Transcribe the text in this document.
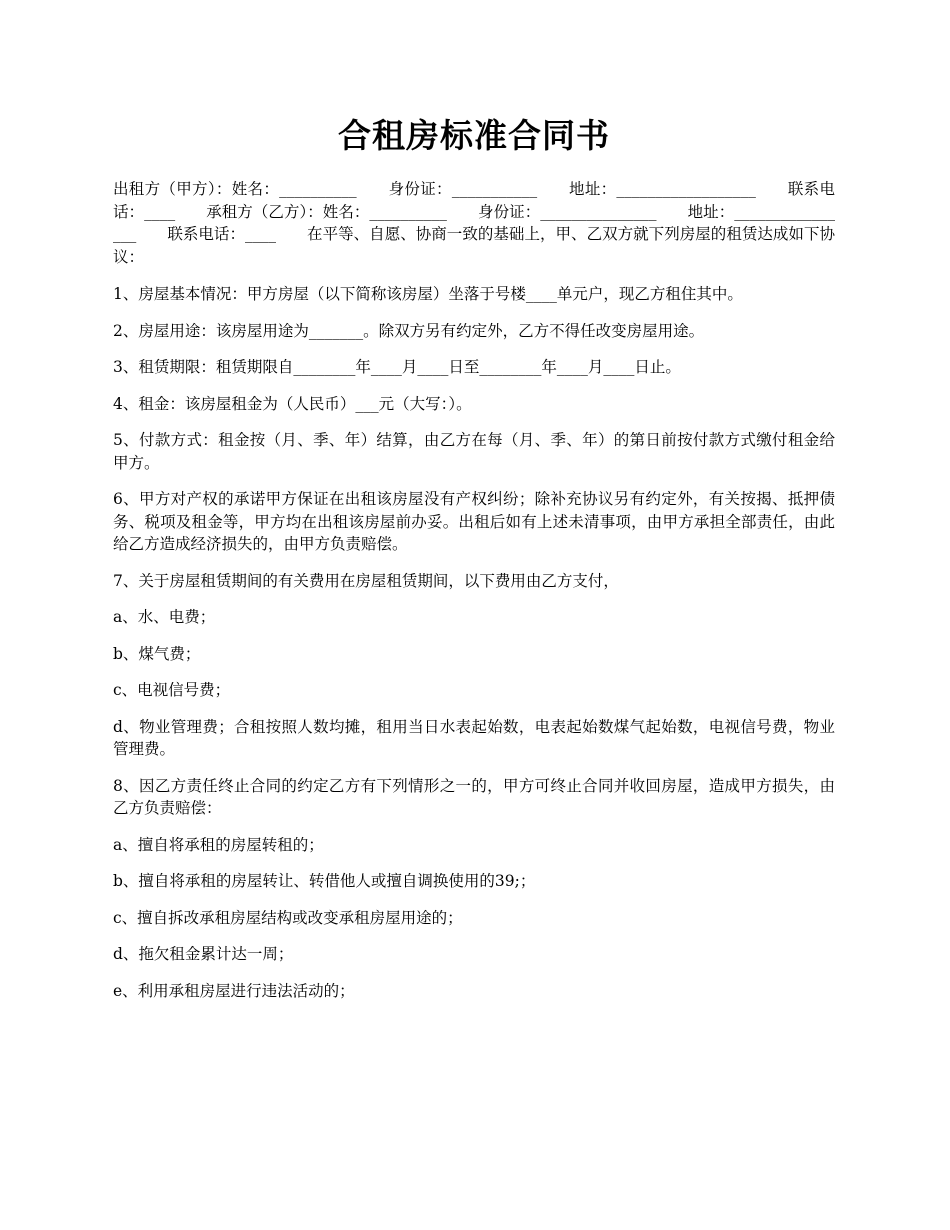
合租房标准合同书

出租方（甲方）：姓名：__________　　身份证：___________　　地址：__________________　　联系电话：____　　承租方（乙方）：姓名：__________　　身份证：_______________　　地址：________________　　联系电话：____　　在平等、自愿、协商一致的基础上，甲、乙双方就下列房屋的租赁达成如下协议：

1、房屋基本情况：甲方房屋（以下简称该房屋）坐落于号楼____单元户，现乙方租住其中。

2、房屋用途：该房屋用途为_______。除双方另有约定外，乙方不得任改变房屋用途。

3、租赁期限：租赁期限自________年____月____日至________年____月____日止。

4、租金：该房屋租金为（人民币）___元（大写：）。

5、付款方式：租金按（月、季、年）结算，由乙方在每（月、季、年）的第日前按付款方式缴付租金给甲方。

6、甲方对产权的承诺甲方保证在出租该房屋没有产权纠纷；除补充协议另有约定外，有关按揭、抵押债务、税项及租金等，甲方均在出租该房屋前办妥。出租后如有上述未清事项，由甲方承担全部责任，由此给乙方造成经济损失的，由甲方负责赔偿。

7、关于房屋租赁期间的有关费用在房屋租赁期间，以下费用由乙方支付，

a、水、电费；

b、煤气费；

c、电视信号费；

d、物业管理费；合租按照人数均摊，租用当日水表起始数，电表起始数煤气起始数，电视信号费，物业管理费。

8、因乙方责任终止合同的约定乙方有下列情形之一的，甲方可终止合同并收回房屋，造成甲方损失，由乙方负责赔偿：

a、擅自将承租的房屋转租的；

b、擅自将承租的房屋转让、转借他人或擅自调换使用的39;；

c、擅自拆改承租房屋结构或改变承租房屋用途的；

d、拖欠租金累计达一周；

e、利用承租房屋进行违法活动的；
